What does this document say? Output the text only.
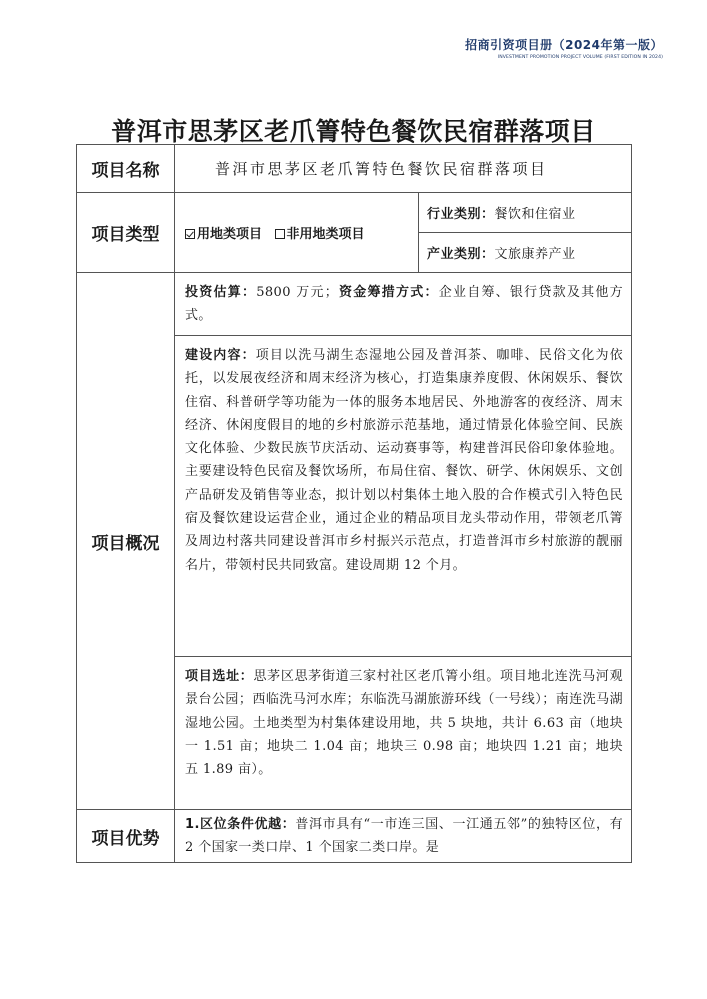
招商引资项目册（2024年第一版）
INVESTMENT PROMOTION PROJECT VOLUME (FIRST EDITION IN 2024)
普洱市思茅区老爪箐特色餐饮民宿群落项目
项目名称	普洱市思茅区老爪箐特色餐饮民宿群落项目	
项目类型	用地类项目 非用地类项目	行业类别：餐饮和住宿业
		产业类别：文旅康养产业
项目概况	投资估算：5800 万元；资金筹措方式：企业自筹、银行贷款及其他方式。	
	建设内容：项目以洗马湖生态湿地公园及普洱茶、咖啡、民俗文化为依托，以发展夜经济和周末经济为核心，打造集康养度假、休闲娱乐、餐饮住宿、科普研学等功能为一体的服务本地居民、外地游客的夜经济、周末经济、休闲度假目的地的乡村旅游示范基地，通过情景化体验空间、民族文化体验、少数民族节庆活动、运动赛事等，构建普洱民俗印象体验地。主要建设特色民宿及餐饮场所，布局住宿、餐饮、研学、休闲娱乐、文创产品研发及销售等业态，拟计划以村集体土地入股的合作模式引入特色民宿及餐饮建设运营企业，通过企业的精品项目龙头带动作用，带领老爪箐及周边村落共同建设普洱市乡村振兴示范点，打造普洱市乡村旅游的靓丽名片，带领村民共同致富。建设周期 12 个月。	
	项目选址：思茅区思茅街道三家村社区老爪箐小组。项目地北连洗马河观景台公园；西临洗马河水库；东临洗马湖旅游环线（一号线）；南连洗马湖湿地公园。土地类型为村集体建设用地，共 5 块地，共计 6.63 亩（地块一 1.51 亩；地块二 1.04 亩；地块三 0.98 亩；地块四 1.21 亩；地块五 1.89 亩）。	
项目优势	1.区位条件优越：普洱市具有“一市连三国、一江通五邻”的独特区位，有 2 个国家一类口岸、1 个国家二类口岸。是	
